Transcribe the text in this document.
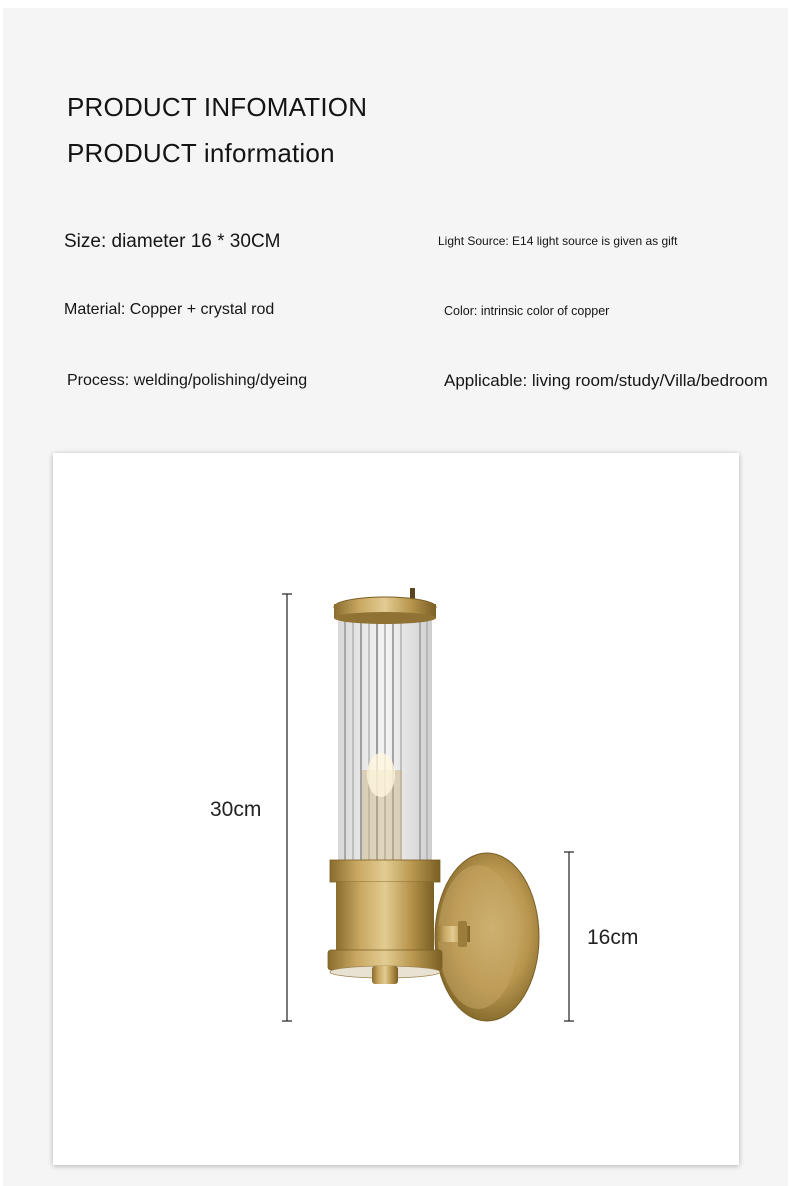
PRODUCT INFOMATION
PRODUCT information
Size: diameter 16 * 30CM	Light Source: E14 light source is given as gift
Material: Copper + crystal rod	Color: intrinsic color of copper
Process: welding/polishing/dyeing	Applicable: living room/study/Villa/bedroom
30cm
16cm
